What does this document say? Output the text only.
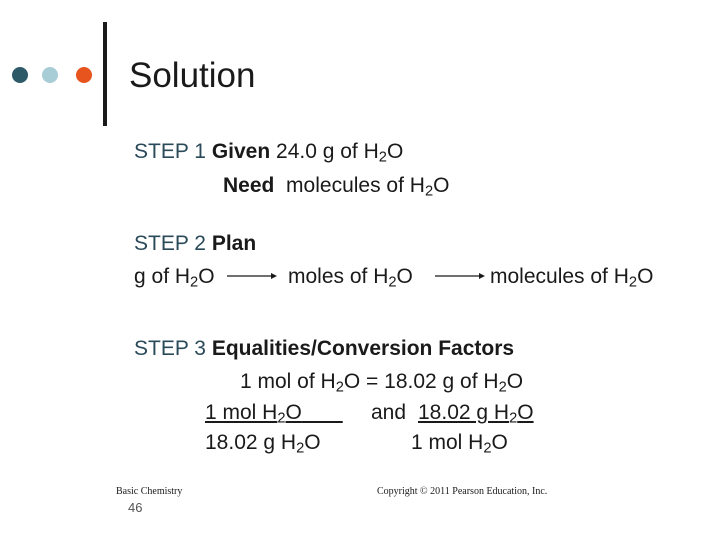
Solution
STEP 1 Given 24.0 g of $H_2O$
Need molecules of $H_2O$
STEP 2 Plan
g of $H_2O$	moles of $H_2O$	molecules of $H_2O$
STEP 3 Equalities/Conversion Factors
1 mol of $H_2O = 18.02$ g of $H_2O$
1 mol $H_2O$	and 18.02 g $H_2O$
18.02 g $H_2O$	1 mol $H_2O$
Basic Chemistry
46
Copyright © 2011 Pearson Education, Inc.
